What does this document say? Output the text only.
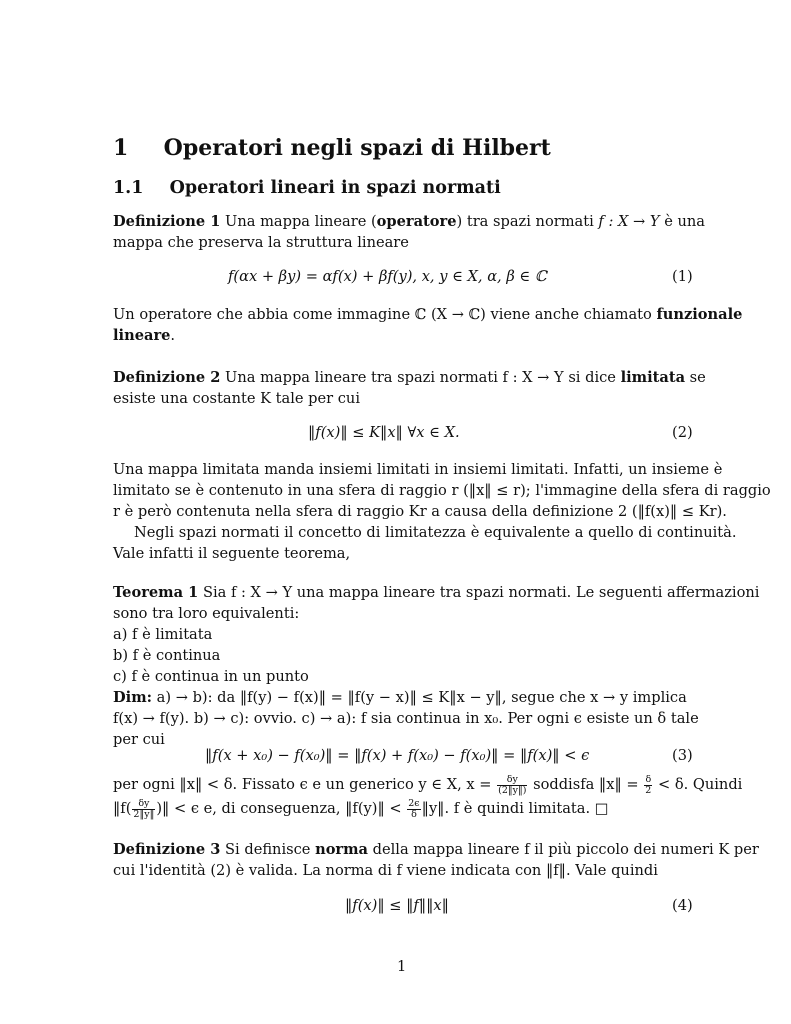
1 Operatori negli spazi di Hilbert
1.1 Operatori lineari in spazi normati
Definizione 1 Una mappa lineare (operatore) tra spazi normati f : X → Y è una
mappa che preserva la struttura lineare
f(αx + βy) = αf(x) + βf(y), x, y ∈ X, α, β ∈ ℂ	(1)
Un operatore che abbia come immagine ℂ (X → ℂ) viene anche chiamato funzionale
lineare.
Definizione 2 Una mappa lineare tra spazi normati f : X → Y si dice limitata se
esiste una costante K tale per cui
‖f(x)‖ ≤ K‖x‖ ∀x ∈ X.	(2)
Una mappa limitata manda insiemi limitati in insiemi limitati. Infatti, un insieme è
limitato se è contenuto in una sfera di raggio r (‖x‖ ≤ r); l'immagine della sfera di raggio
r è però contenuta nella sfera di raggio Kr a causa della definizione 2 (‖f(x)‖ ≤ Kr).
Negli spazi normati il concetto di limitatezza è equivalente a quello di continuità.
Vale infatti il seguente teorema,
Teorema 1 Sia f : X → Y una mappa lineare tra spazi normati. Le seguenti affermazioni
sono tra loro equivalenti:
a) f è limitata
b) f è continua
c) f è continua in un punto
Dim: a) → b): da ‖f(y) − f(x)‖ = ‖f(y − x)‖ ≤ K‖x − y‖, segue che x → y implica
f(x) → f(y). b) → c): ovvio. c) → a): f sia continua in x₀. Per ogni ϵ esiste un δ tale
per cui
‖f(x + x₀) − f(x₀)‖ = ‖f(x) + f(x₀) − f(x₀)‖ = ‖f(x)‖ < ϵ	(3)
per ogni ‖x‖ < δ. Fissato ϵ e un generico y ∈ X, $x = \frac{\delta y}{(2‖y‖)}$ soddisfa ‖x‖ = $\frac{\delta}{2} < \delta$. Quindi
‖f( $\frac{\delta y}{2‖y‖}$ )‖ < ϵ e, di conseguenza, ‖f(y)‖ < $\frac{2\epsilon}{\delta}$ ‖y‖. f è quindi limitata. □
Definizione 3 Si definisce norma della mappa lineare f il più piccolo dei numeri K per
cui l'identità (2) è valida. La norma di f viene indicata con ‖f‖. Vale quindi
‖f(x)‖ ≤ ‖f‖‖x‖	(4)
1
